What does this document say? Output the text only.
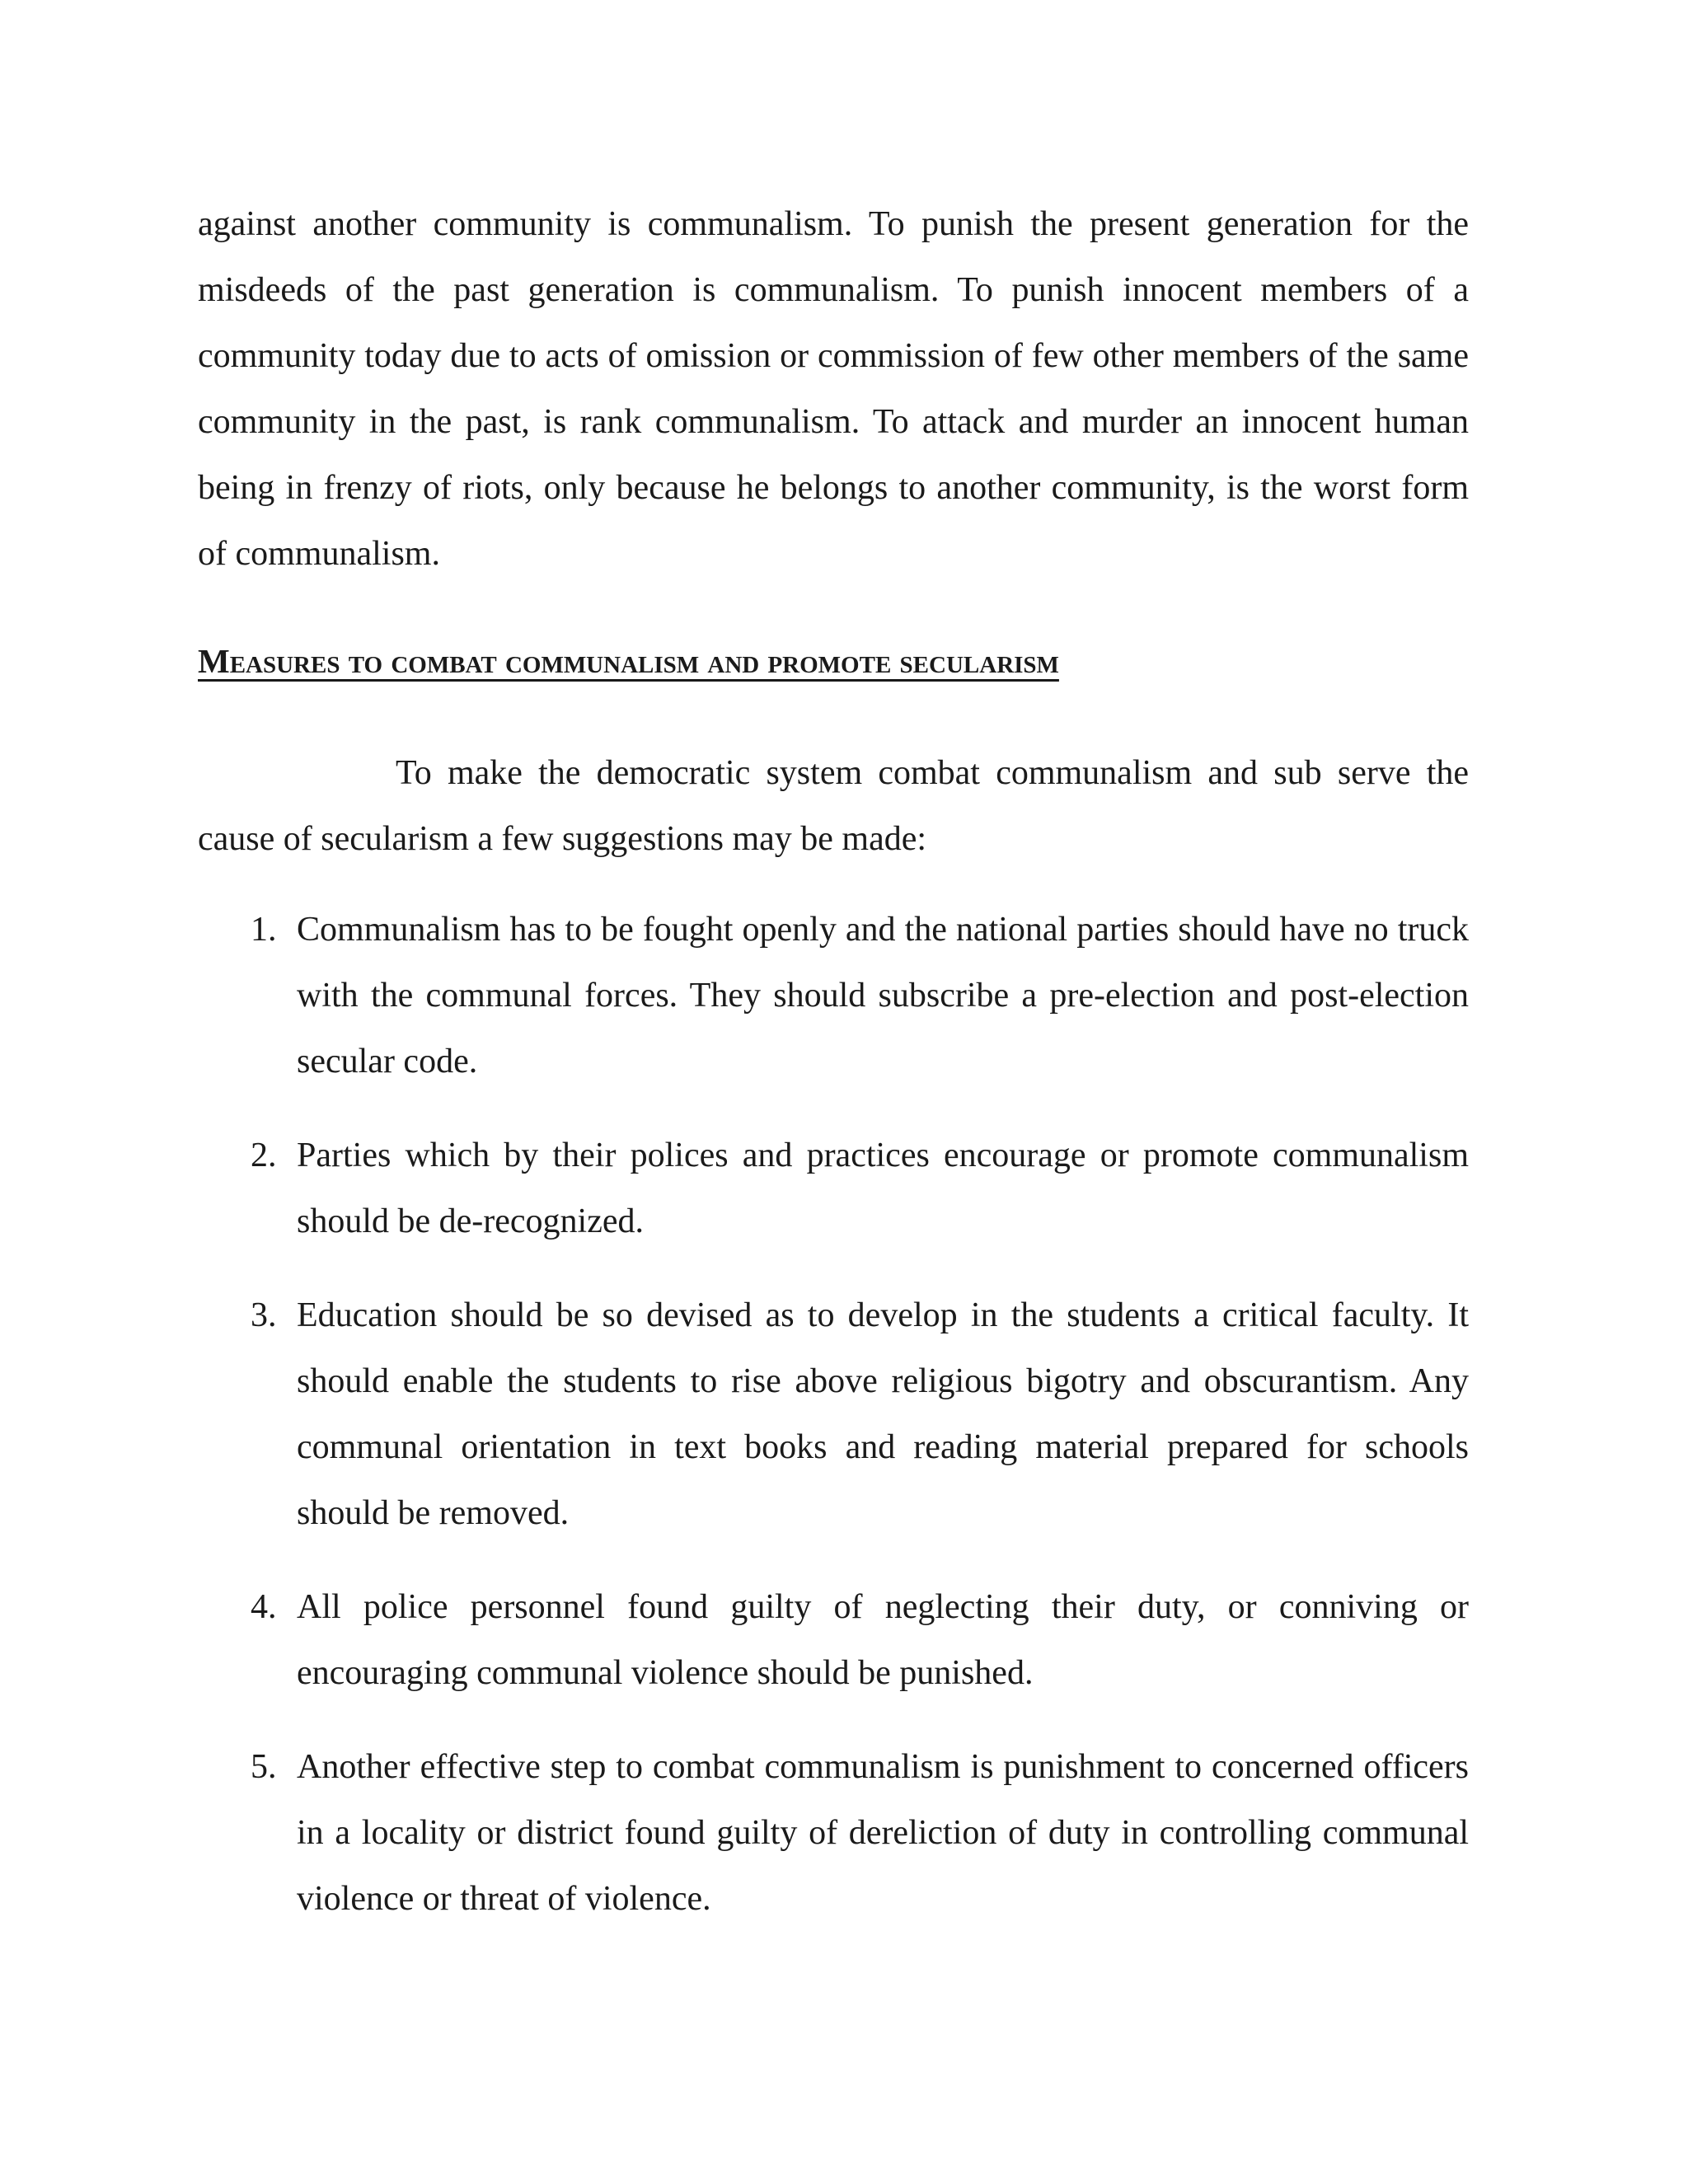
against another community is communalism. To punish the present generation for the misdeeds of the past generation is communalism. To punish innocent members of a community today due to acts of omission or commission of few other members of the same community in the past, is rank communalism. To attack and murder an innocent human being in frenzy of riots, only because he belongs to another community, is the worst form of communalism.

Measures to combat communalism and promote secularism

To make the democratic system combat communalism and sub serve the cause of secularism a few suggestions may be made:

1. Communalism has to be fought openly and the national parties should have no truck with the communal forces. They should subscribe a pre-election and post-election secular code.

2. Parties which by their polices and practices encourage or promote communalism should be de-recognized.

3. Education should be so devised as to develop in the students a critical faculty. It should enable the students to rise above religious bigotry and obscurantism. Any communal orientation in text books and reading material prepared for schools should be removed.

4. All police personnel found guilty of neglecting their duty, or conniving or encouraging communal violence should be punished.

5. Another effective step to combat communalism is punishment to concerned officers in a locality or district found guilty of dereliction of duty in controlling communal violence or threat of violence.
